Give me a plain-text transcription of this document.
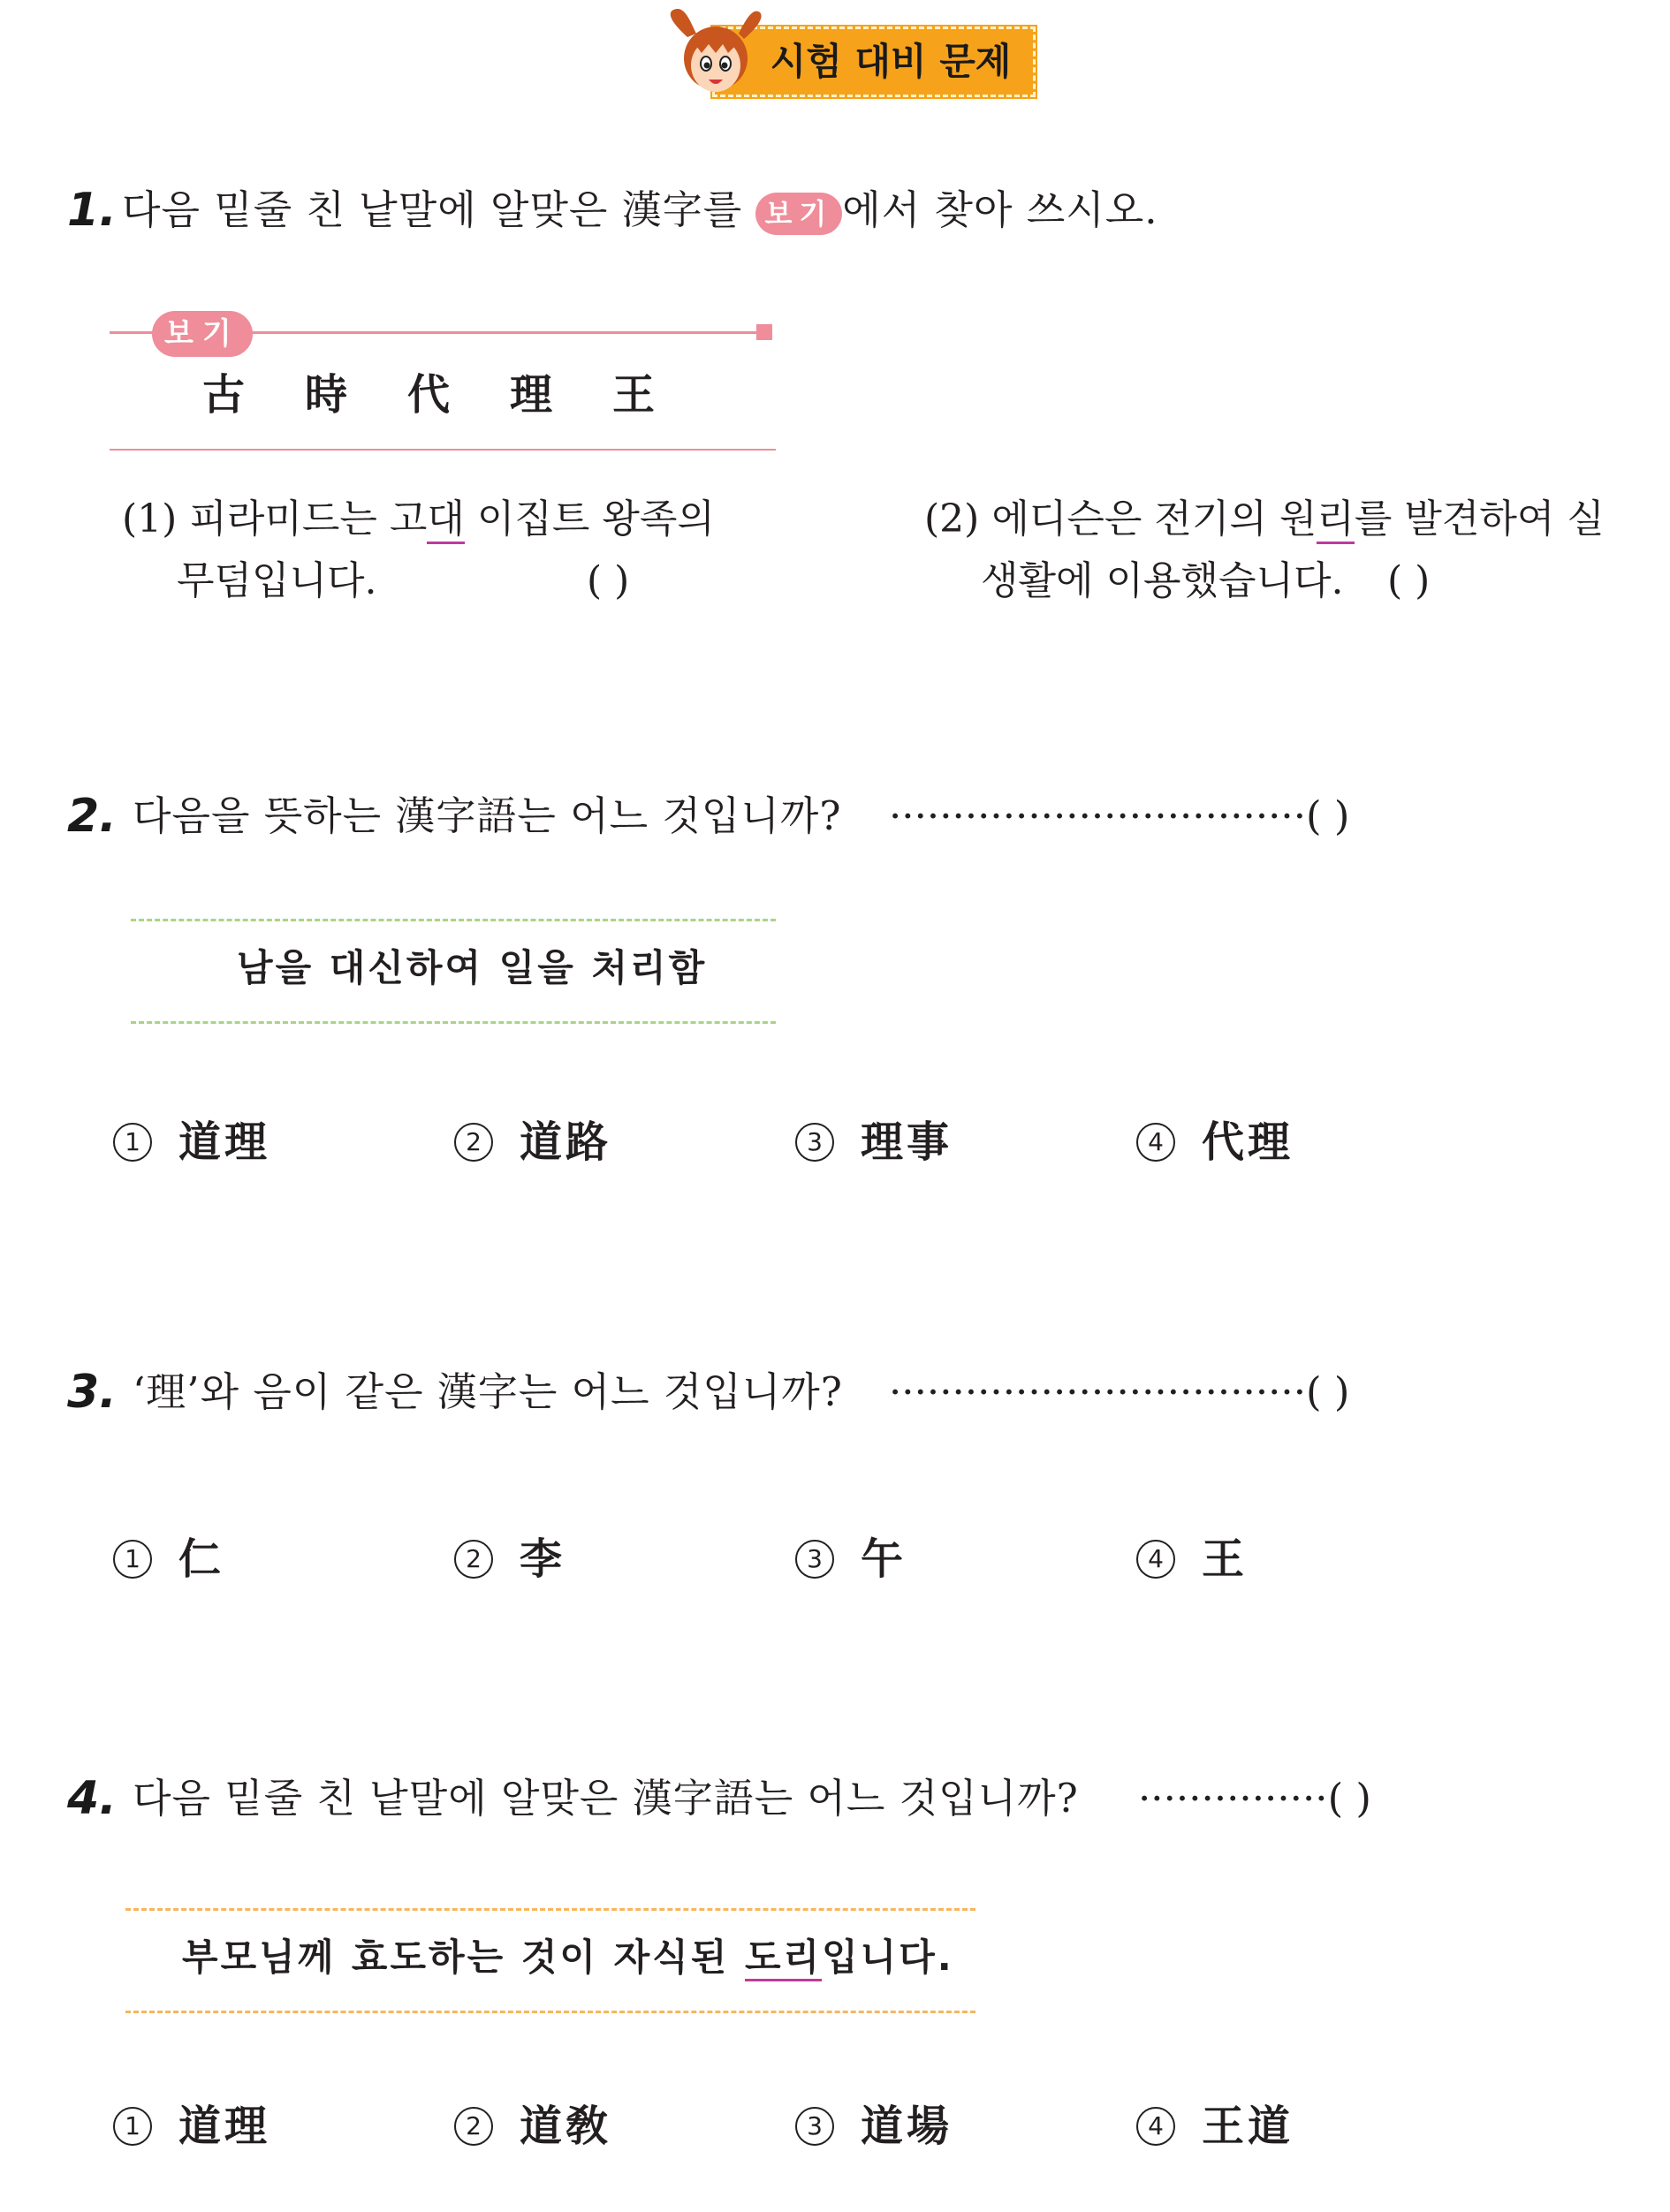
시험 대비 문제
1. 다음 밑줄 친 낱말에 알맞은 漢字를 보기 에서 찾아 쓰시오.
보기
古 時 代 理 王
(1) 피라미드는 고대 이집트 왕족의
무덤입니다.	( )
(2) 에디슨은 전기의 원리를 발견하여 실
생활에 이용했습니다. ( )
2. 다음을 뜻하는 漢字語는 어느 것입니까? ·································( )
남을 대신하여 일을 처리함
1 道理	2 道路	3 理事	4 代理
3. ‘理’와 음이 같은 漢字는 어느 것입니까? ·································( )
1 仁	2 李	3 午	4 王
4. 다음 밑줄 친 낱말에 알맞은 漢字語는 어느 것입니까? ···············( )
부모님께 효도하는 것이 자식된 도리입니다.
1 道理	2 道敎	3 道場	4 王道
